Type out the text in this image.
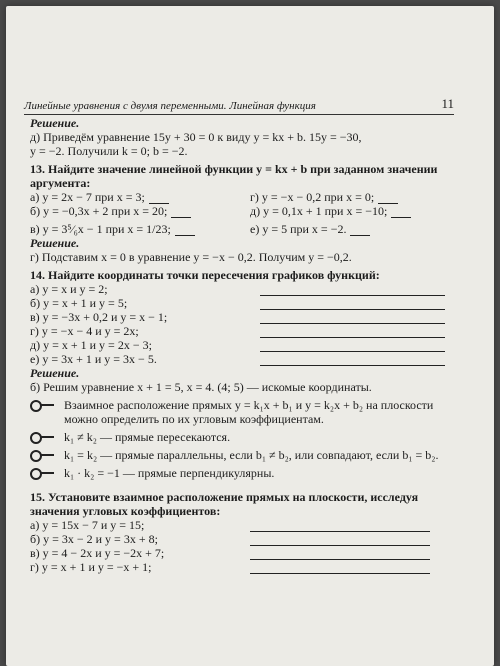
Линейные уравнения с двумя переменными. Линейная функция	11
Решение.
д) Приведём уравнение 15y + 30 = 0 к виду y = kx + b. 15y = −30,
y = −2. Получили k = 0; b = −2.
13. Найдите значение линейной функции y = kx + b при заданном значении аргумента:
а) y = 2x − 7 при x = 3;	г) y = −x − 0,2 при x = 0;
б) y = −0,3x + 2 при x = 20;	д) y = 0,1x + 1 при x = −10;
в) y = 3⁵⁄₆x − 1 при x = 1/23;	е) y = 5 при x = −2.
Решение.
г) Подставим x = 0 в уравнение y = −x − 0,2. Получим y = −0,2.
14. Найдите координаты точки пересечения графиков функций:
а) y = x и y = 2;
б) y = x + 1 и y = 5;
в) y = −3x + 0,2 и y = x − 1;
г) y = −x − 4 и y = 2x;
д) y = x + 1 и y = 2x − 3;
е) y = 3x + 1 и y = 3x − 5.
Решение.
б) Решим уравнение x + 1 = 5, x = 4. (4; 5) — искомые координаты.
Взаимное расположение прямых y = k₁x + b₁ и y = k₂x + b₂ на плоскости можно определить по их угловым коэффициентам.
k₁ ≠ k₂ — прямые пересекаются.
k₁ = k₂ — прямые параллельны, если b₁ ≠ b₂, или совпадают, если b₁ = b₂.
k₁ · k₂ = −1 — прямые перпендикулярны.
15. Установите взаимное расположение прямых на плоскости, исследуя значения угловых коэффициентов:
а) y = 15x − 7 и y = 15;
б) y = 3x − 2 и y = 3x + 8;
в) y = 4 − 2x и y = −2x + 7;
г) y = x + 1 и y = −x + 1;
